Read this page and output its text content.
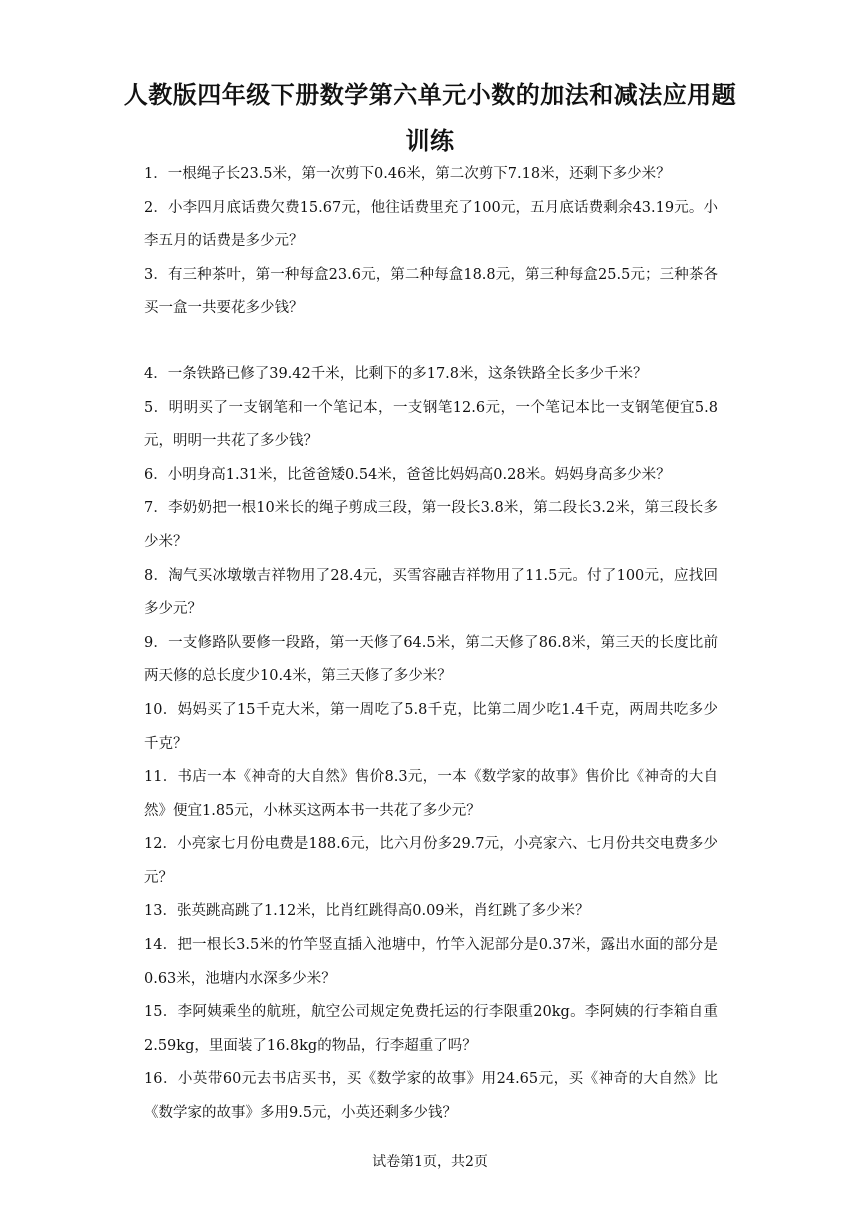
人教版四年级下册数学第六单元小数的加法和减法应用题训练

1．一根绳子长23.5米，第一次剪下0.46米，第二次剪下7.18米，还剩下多少米？

2．小李四月底话费欠费15.67元，他往话费里充了100元，五月底话费剩余43.19元。小李五月的话费是多少元？

3．有三种茶叶，第一种每盒23.6元，第二种每盒18.8元，第三种每盒25.5元；三种茶各买一盒一共要花多少钱？

4．一条铁路已修了39.42千米，比剩下的多17.8米，这条铁路全长多少千米？

5．明明买了一支钢笔和一个笔记本，一支钢笔12.6元，一个笔记本比一支钢笔便宜5.8元，明明一共花了多少钱？

6．小明身高1.31米，比爸爸矮0.54米，爸爸比妈妈高0.28米。妈妈身高多少米？

7．李奶奶把一根10米长的绳子剪成三段，第一段长3.8米，第二段长3.2米，第三段长多少米？

8．淘气买冰墩墩吉祥物用了28.4元，买雪容融吉祥物用了11.5元。付了100元，应找回多少元？

9．一支修路队要修一段路，第一天修了64.5米，第二天修了86.8米，第三天的长度比前两天修的总长度少10.4米，第三天修了多少米？

10．妈妈买了15千克大米，第一周吃了5.8千克，比第二周少吃1.4千克，两周共吃多少千克？

11．书店一本《神奇的大自然》售价8.3元，一本《数学家的故事》售价比《神奇的大自然》便宜1.85元，小林买这两本书一共花了多少元？

12．小亮家七月份电费是188.6元，比六月份多29.7元，小亮家六、七月份共交电费多少元？

13．张英跳高跳了1.12米，比肖红跳得高0.09米，肖红跳了多少米？

14．把一根长3.5米的竹竿竖直插入池塘中，竹竿入泥部分是0.37米，露出水面的部分是0.63米，池塘内水深多少米？

15．李阿姨乘坐的航班，航空公司规定免费托运的行李限重20kg。李阿姨的行李箱自重2.59kg，里面装了16.8kg的物品，行李超重了吗？

16．小英带60元去书店买书，买《数学家的故事》用24.65元，买《神奇的大自然》比《数学家的故事》多用9.5元，小英还剩多少钱？

试卷第1页，共2页
